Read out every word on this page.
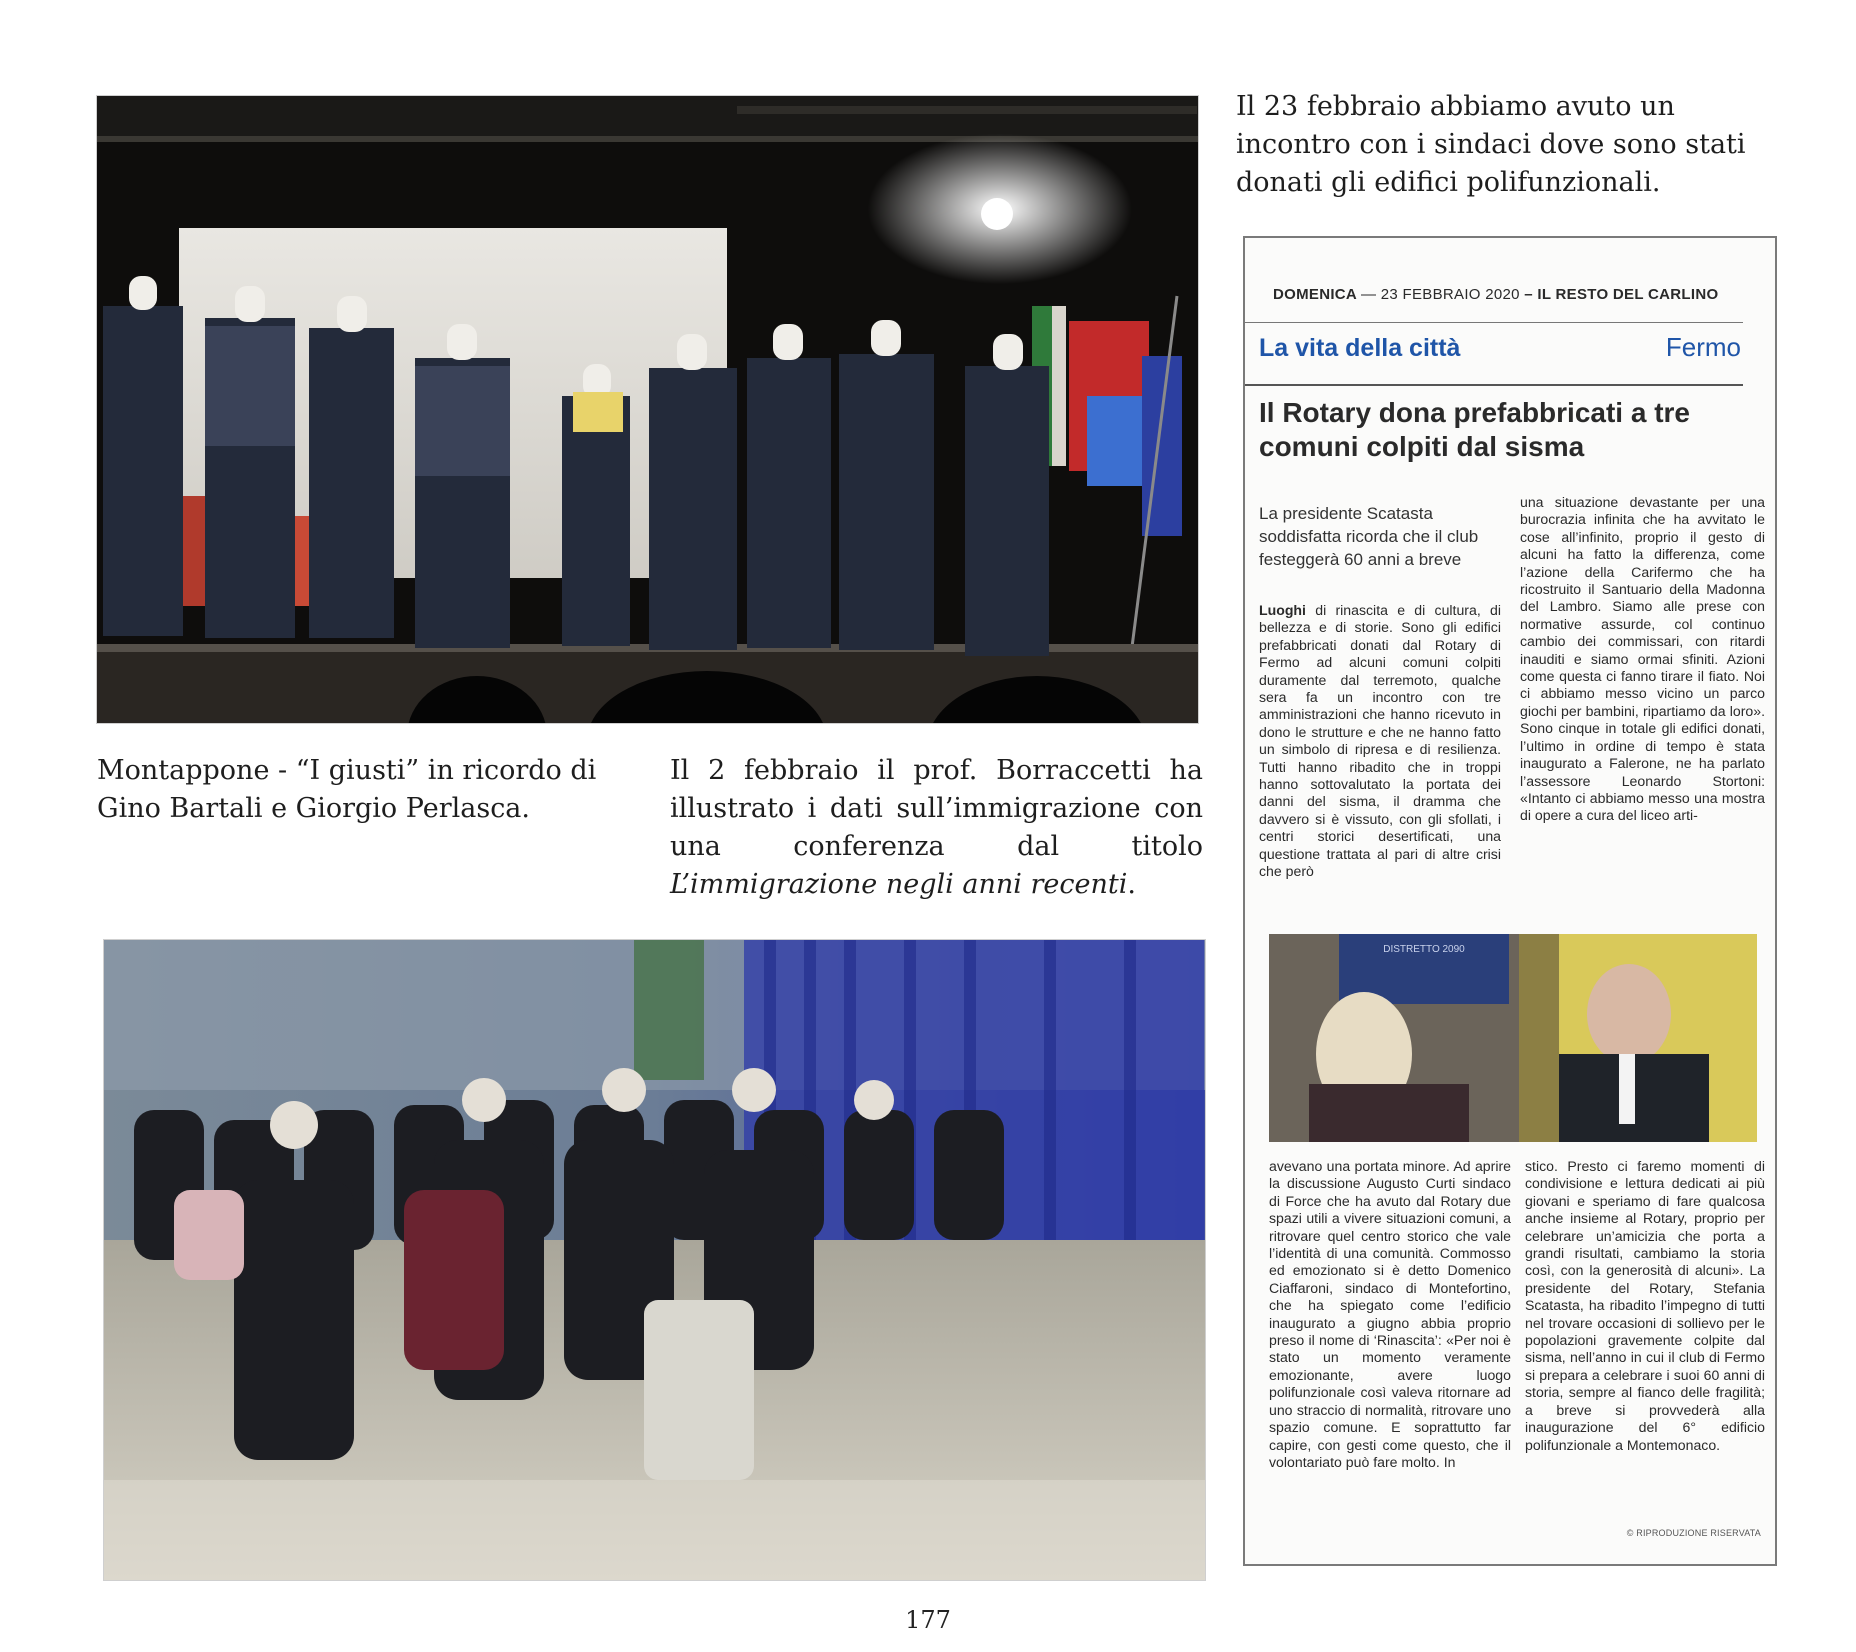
Il 23 febbraio abbiamo avuto un incontro con i sindaci dove sono stati donati gli edifici polifunzionali.
Montappone - “I giusti” in ricordo di Gino Bartali e Giorgio Perlasca.
Il 2 febbraio il prof. Borraccetti ha illustrato i dati sull’immigrazione con una conferenza dal titolo L’immigrazione negli anni recenti.
DOMENICA — 23 FEBBRAIO 2020 – IL RESTO DEL CARLINO
La vita della città	Fermo
Il Rotary dona prefabbricati a tre comuni colpiti dal sisma
La presidente Scatasta soddisfatta ricorda che il club festeggerà 60 anni a breve
Luoghi di rinascita e di cultura, di bellezza e di storie. Sono gli edifici prefabbricati donati dal Rotary di Fermo ad alcuni comuni colpiti duramente dal terremoto, qualche sera fa un incontro con tre amministrazioni che hanno ricevuto in dono le strutture e che ne hanno fatto un simbolo di ripresa e di resilienza. Tutti hanno ribadito che in troppi hanno sottovalutato la portata dei danni del sisma, il dramma che davvero si è vissuto, con gli sfollati, i centri storici desertificati, una questione trattata al pari di altre crisi che però
una situazione devastante per una burocrazia infinita che ha avvitato le cose all’infinito, proprio il gesto di alcuni ha fatto la differenza, come l’azione della Carifermo che ha ricostruito il Santuario della Madonna del Lambro. Siamo alle prese con normative assurde, col continuo cambio dei commissari, con ritardi inauditi e siamo ormai sfiniti. Azioni come questa ci fanno tirare il fiato. Noi ci abbiamo messo vicino un parco giochi per bambini, ripartiamo da loro». Sono cinque in totale gli edifici donati, l’ultimo in ordine di tempo è stata inaugurato a Falerone, ne ha parlato l’assessore Leonardo Stortoni: «Intanto ci abbiamo messo una mostra di opere a cura del liceo arti-
DISTRETTO 2090
avevano una portata minore. Ad aprire la discussione Augusto Curti sindaco di Force che ha avuto dal Rotary due spazi utili a vivere situazioni comuni, a ritrovare quel centro storico che vale l’identità di una comunità. Commosso ed emozionato si è detto Domenico Ciaffaroni, sindaco di Montefortino, che ha spiegato come l’edificio inaugurato a giugno abbia proprio preso il nome di ‘Rinascita’: «Per noi è stato un momento veramente emozionante, avere luogo polifunzionale così valeva ritornare ad uno straccio di normalità, ritrovare uno spazio comune. E soprattutto far capire, con gesti come questo, che il volontariato può fare molto. In
stico. Presto ci faremo momenti di condivisione e lettura dedicati ai più giovani e speriamo di fare qualcosa anche insieme al Rotary, proprio per celebrare un’amicizia che porta a grandi risultati, cambiamo la storia così, con la generosità di alcuni». La presidente del Rotary, Stefania Scatasta, ha ribadito l’impegno di tutti nel trovare occasioni di sollievo per le popolazioni gravemente colpite dal sisma, nell’anno in cui il club di Fermo si prepara a celebrare i suoi 60 anni di storia, sempre al fianco delle fragilità; a breve si provvederà alla inaugurazione del 6° edificio polifunzionale a Montemonaco.
© RIPRODUZIONE RISERVATA
177
